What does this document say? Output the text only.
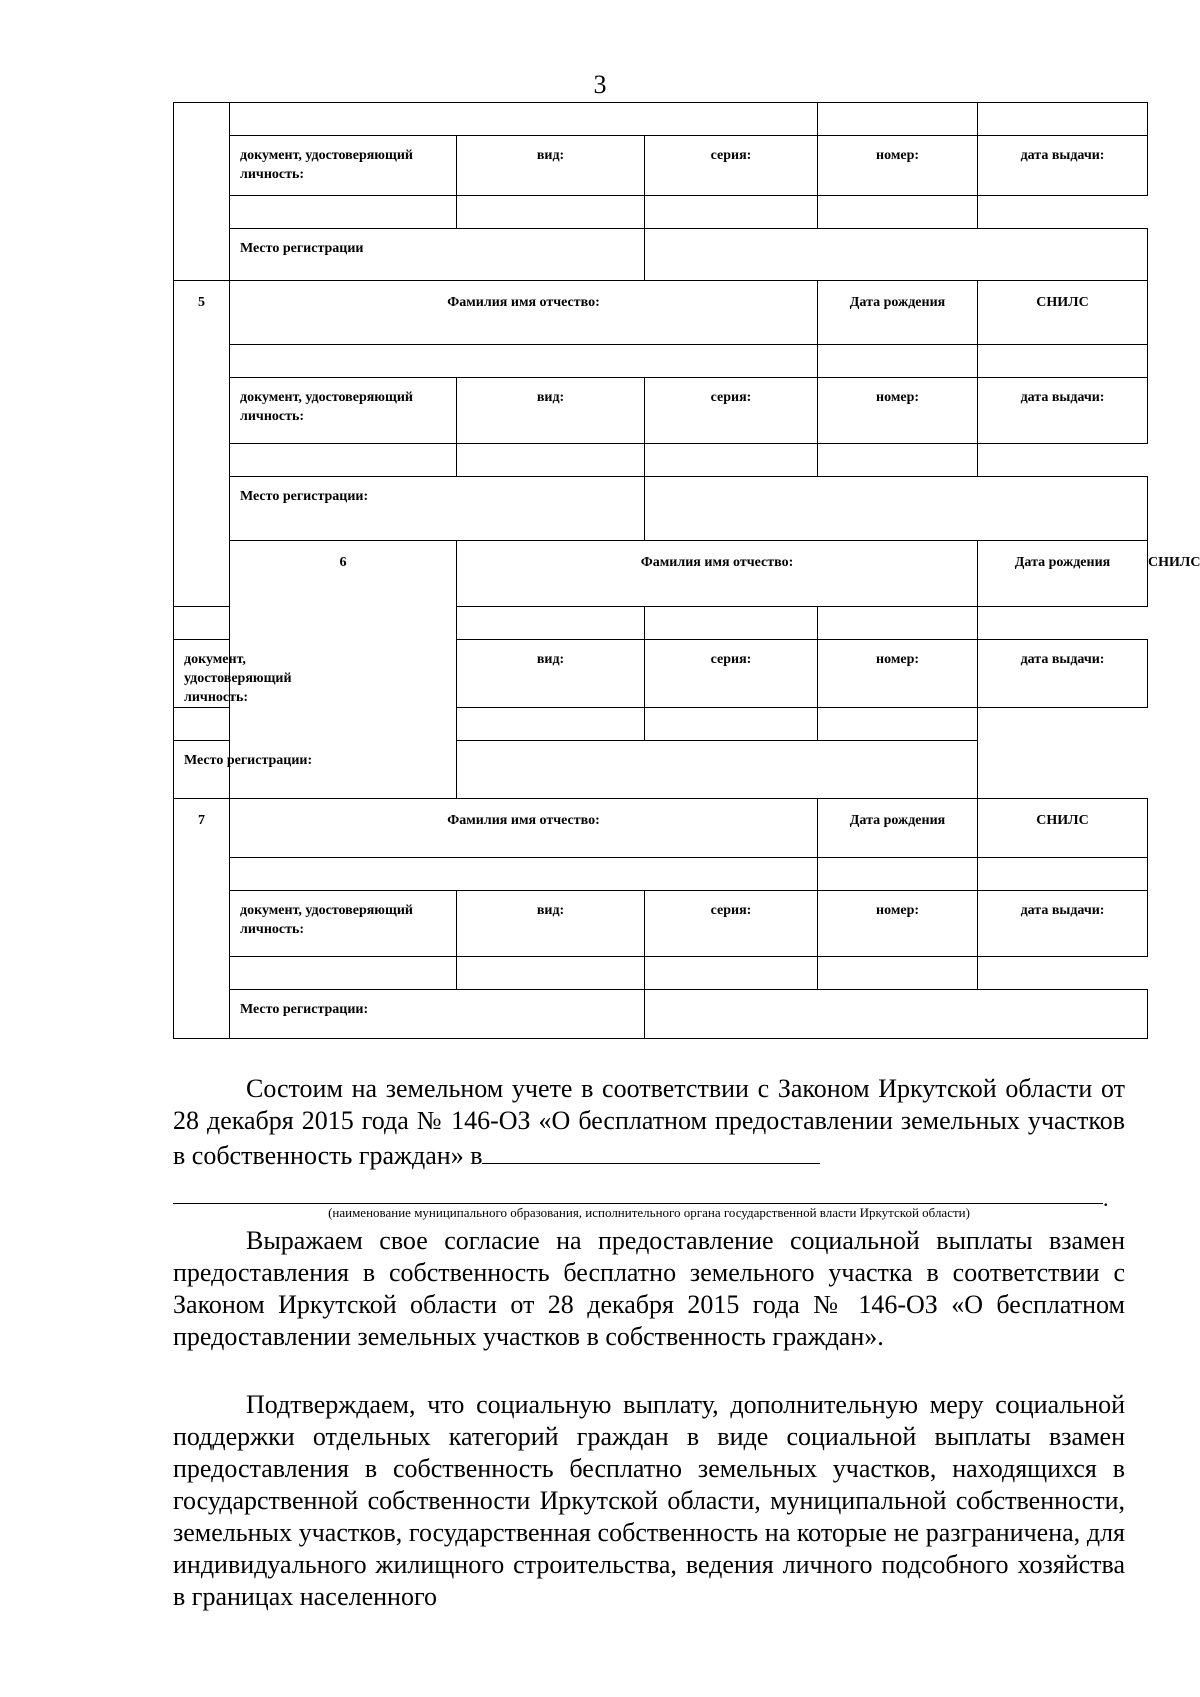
3

	документ, удостоверяющий личность:	вид:	серия:	номер:	дата выдачи:	

	Место регистрации					
5	Фамилия имя отчество:			Дата рождения	СНИЛС	

	документ, удостоверяющий личность:	вид:	серия:	номер:	дата выдачи:	

	Место регистрации:					
	6	Фамилия имя отчество:			Дата рождения	СНИЛС

документ, удостоверяющий личность:		вид:	серия:	номер:	дата выдачи:	

Место регистрации:						
7	Фамилия имя отчество:			Дата рождения	СНИЛС	

	документ, удостоверяющий личность:	вид:	серия:	номер:	дата выдачи:	

	Место регистрации:					

Состоим на земельном учете в соответствии с Законом Иркутской области от 28 декабря 2015 года № 146-ОЗ «О бесплатном предоставлении земельных участков в собственность граждан» в

.
(наименование муниципального образования, исполнительного органа государственной власти Иркутской области)

Выражаем свое согласие на предоставление социальной выплаты взамен предоставления в собственность бесплатно земельного участка в соответствии с Законом Иркутской области от 28 декабря 2015 года № 146-ОЗ «О бесплатном предоставлении земельных участков в собственность граждан».

Подтверждаем, что социальную выплату, дополнительную меру социальной поддержки отдельных категорий граждан в виде социальной выплаты взамен предоставления в собственность бесплатно земельных участков, находящихся в государственной собственности Иркутской области, муниципальной собственности, земельных участков, государственная собственность на которые не разграничена, для индивидуального жилищного строительства, ведения личного подсобного хозяйства в границах населенного
